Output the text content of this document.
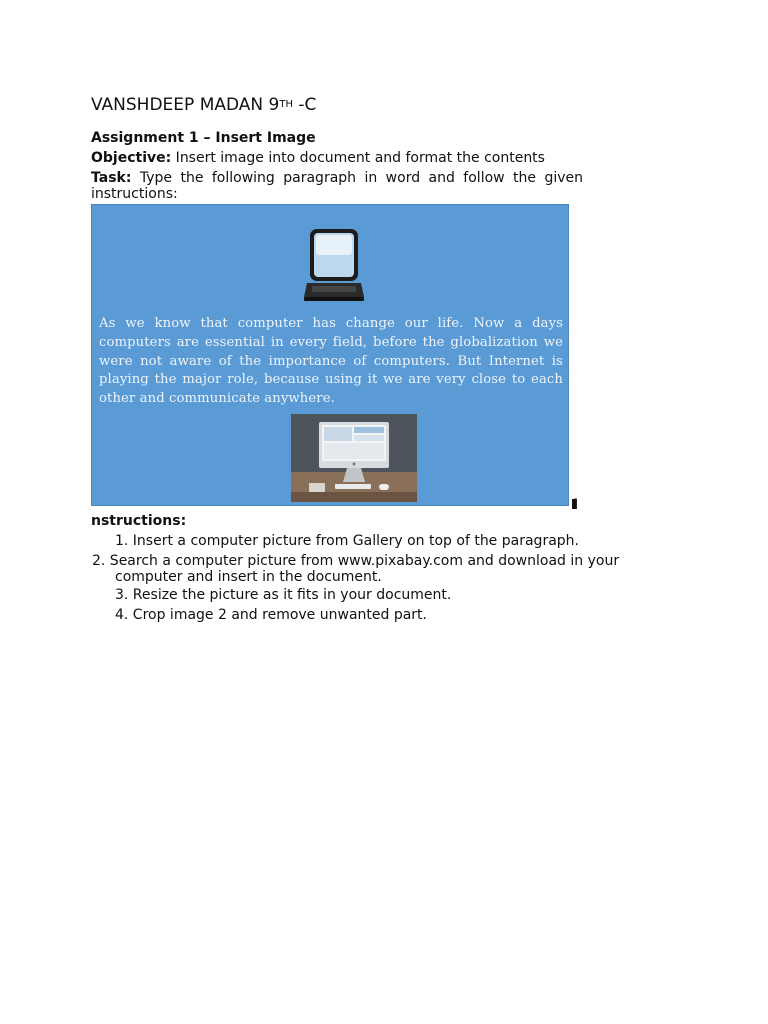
VANSHDEEP MADAN 9TH -C
Assignment 1 – Insert Image
Objective: Insert image into document and format the contents
Task: Type the following paragraph in word and follow the given
instructions:
As we know that computer has change our life. Now a days computers are essential in every field, before the globalization we were not aware of the importance of computers. But Internet is playing the major role, because using it we are very close to each other and communicate anywhere.
I
nstructions:
1. Insert a computer picture from Gallery on top of the paragraph.
2. Search a computer picture from www.pixabay.com and download in your
computer and insert in the document.
3. Resize the picture as it fits in your document.
4. Crop image 2 and remove unwanted part.
